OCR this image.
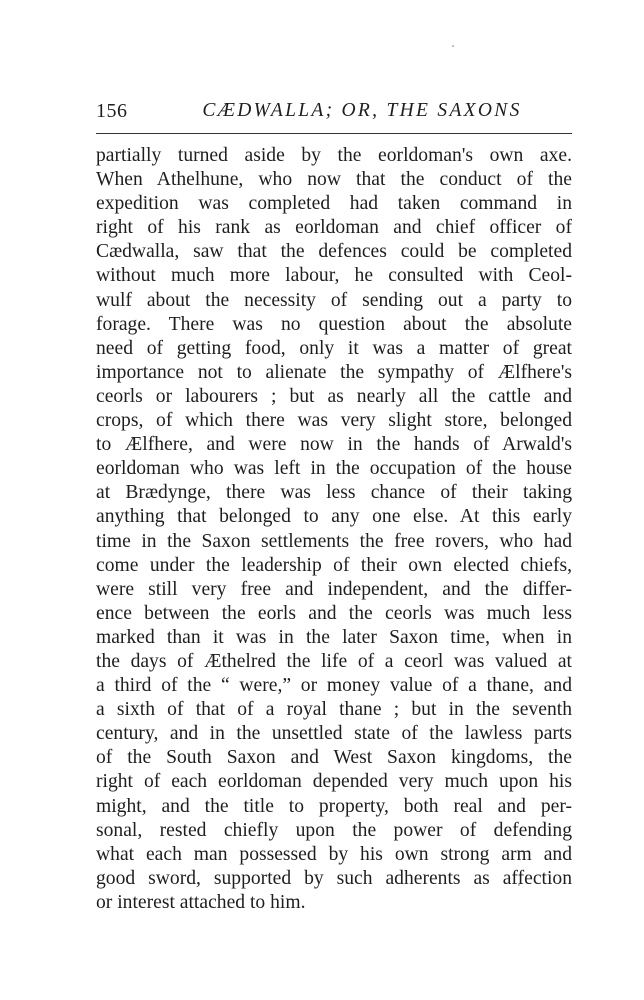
156	CÆDWALLA; OR, THE SAXONS
partially turned aside by the eorldoman's own axe.
When Athelhune, who now that the conduct of the
expedition was completed had taken command in
right of his rank as eorldoman and chief officer of
Cædwalla, saw that the defences could be completed
without much more labour, he consulted with Ceol-
wulf about the necessity of sending out a party to
forage. There was no question about the absolute
need of getting food, only it was a matter of great
importance not to alienate the sympathy of Ælfhere's
ceorls or labourers ; but as nearly all the cattle and
crops, of which there was very slight store, belonged
to Ælfhere, and were now in the hands of Arwald's
eorldoman who was left in the occupation of the house
at Brædynge, there was less chance of their taking
anything that belonged to any one else. At this early
time in the Saxon settlements the free rovers, who had
come under the leadership of their own elected chiefs,
were still very free and independent, and the differ-
ence between the eorls and the ceorls was much less
marked than it was in the later Saxon time, when in
the days of Æthelred the life of a ceorl was valued at
a third of the “ were,” or money value of a thane, and
a sixth of that of a royal thane ; but in the seventh
century, and in the unsettled state of the lawless parts
of the South Saxon and West Saxon kingdoms, the
right of each eorldoman depended very much upon his
might, and the title to property, both real and per-
sonal, rested chiefly upon the power of defending
what each man possessed by his own strong arm and
good sword, supported by such adherents as affection
or interest attached to him.
